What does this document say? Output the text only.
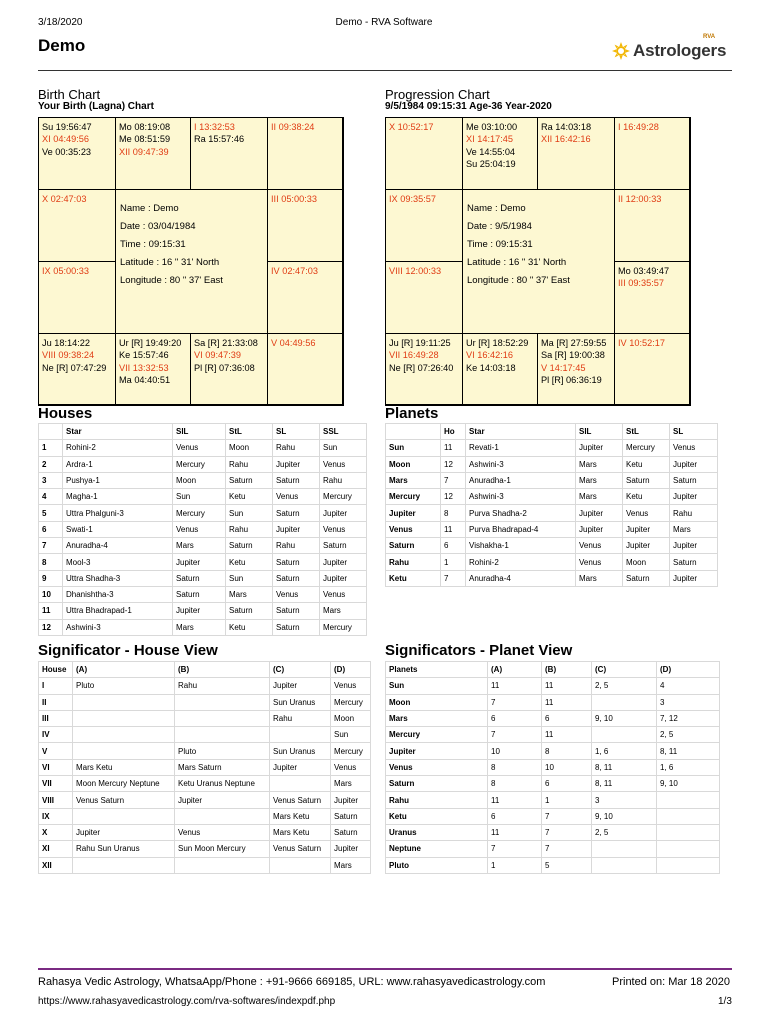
3/18/2020	Demo - RVA Software
Demo	Astrologers
RVA
Birth Chart
Your Birth (Lagna) Chart
Su 19:56:47
XI 04:49:56
Ve 00:35:23
Mo 08:19:08
Me 08:51:59
XII 09:47:39
I 13:32:53
Ra 15:57:46
II 09:38:24
X 02:47:03	III 05:00:33
IX 05:00:33	IV 02:47:03
Ju 18:14:22
VIII 09:38:24
Ne [R] 07:47:29
Ur [R] 19:49:20
Ke 15:57:46
VII 13:32:53
Ma 04:40:51
Sa [R] 21:33:08
VI 09:47:39
Pl [R] 07:36:08
V 04:49:56
Name : Demo
Date : 03/04/1984
Time : 09:15:31
Latitude : 16 " 31' North
Longitude : 80 " 37' East
Progression Chart
9/5/1984 09:15:31 Age-36 Year-2020
X 10:52:17	Me 03:10:00
XI 14:17:45
Ve 14:55:04
Su 25:04:19
Ra 14:03:18
XII 16:42:16
I 16:49:28
IX 09:35:57	II 12:00:33
VIII 12:00:33	Mo 03:49:47
III 09:35:57
Ju [R] 19:11:25
VII 16:49:28
Ne [R] 07:26:40
Ur [R] 18:52:29
VI 16:42:16
Ke 14:03:18
Ma [R] 27:59:55
Sa [R] 19:00:38
V 14:17:45
Pl [R] 06:36:19
IV 10:52:17
Name : Demo
Date : 9/5/1984
Time : 09:15:31
Latitude : 16 " 31' North
Longitude : 80 " 37' East
Houses
	Star	SIL	StL	SL	SSL
1	Rohini-2	Venus	Moon	Rahu	Sun
2	Ardra-1	Mercury	Rahu	Jupiter	Venus
3	Pushya-1	Moon	Saturn	Saturn	Rahu
4	Magha-1	Sun	Ketu	Venus	Mercury
5	Uttra Phalguni-3	Mercury	Sun	Saturn	Jupiter
6	Swati-1	Venus	Rahu	Jupiter	Venus
7	Anuradha-4	Mars	Saturn	Rahu	Saturn
8	Mool-3	Jupiter	Ketu	Saturn	Jupiter
9	Uttra Shadha-3	Saturn	Sun	Saturn	Jupiter
10	Dhanishtha-3	Saturn	Mars	Venus	Venus
11	Uttra Bhadrapad-1	Jupiter	Saturn	Saturn	Mars
12	Ashwini-3	Mars	Ketu	Saturn	Mercury
Planets
	Ho	Star	SIL	StL	SL
Sun	11	Revati-1	Jupiter	Mercury	Venus
Moon	12	Ashwini-3	Mars	Ketu	Jupiter
Mars	7	Anuradha-1	Mars	Saturn	Saturn
Mercury	12	Ashwini-3	Mars	Ketu	Jupiter
Jupiter	8	Purva Shadha-2	Jupiter	Venus	Rahu
Venus	11	Purva Bhadrapad-4	Jupiter	Jupiter	Mars
Saturn	6	Vishakha-1	Venus	Jupiter	Jupiter
Rahu	1	Rohini-2	Venus	Moon	Saturn
Ketu	7	Anuradha-4	Mars	Saturn	Jupiter
Significator - House View
House	(A)	(B)	(C)	(D)
I	Pluto	Rahu	Jupiter	Venus
II			Sun Uranus	Mercury
III			Rahu	Moon
IV				Sun
V		Pluto	Sun Uranus	Mercury
VI	Mars Ketu	Mars Saturn	Jupiter	Venus
VII	Moon Mercury Neptune	Ketu Uranus Neptune		Mars
VIII	Venus Saturn	Jupiter	Venus Saturn	Jupiter
IX			Mars Ketu	Saturn
X	Jupiter	Venus	Mars Ketu	Saturn
XI	Rahu Sun Uranus	Sun Moon Mercury	Venus Saturn	Jupiter
XII				Mars
Significators - Planet View
Planets	(A)	(B)	(C)	(D)
Sun	11	11	2, 5	4
Moon	7	11		3
Mars	6	6	9, 10	7, 12
Mercury	7	11		2, 5
Jupiter	10	8	1, 6	8, 11
Venus	8	10	8, 11	1, 6
Saturn	8	6	8, 11	9, 10
Rahu	11	1	3	
Ketu	6	7	9, 10	
Uranus	11	7	2, 5	
Neptune	7	7		
Pluto	1	5		
Rahasya Vedic Astrology, WhatsaApp/Phone : +91-9666 669185, URL: www.rahasyavedicastrology.com	Printed on: Mar 18 2020
https://www.rahasyavedicastrology.com/rva-softwares/indexpdf.php	1/3
